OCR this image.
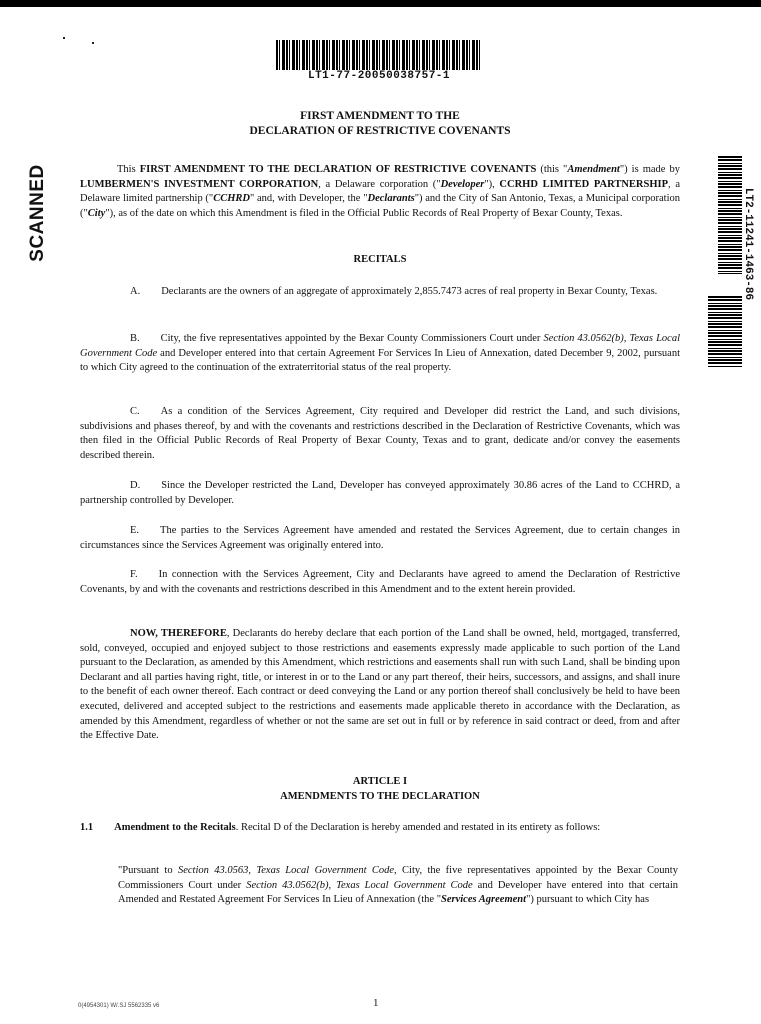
LT1-77-20050038757-1
LT2-11241-1463-86
SCANNED
FIRST AMENDMENT TO THE
DECLARATION OF RESTRICTIVE COVENANTS
This FIRST AMENDMENT TO THE DECLARATION OF RESTRICTIVE COVENANTS (this "Amendment") is made by LUMBERMEN'S INVESTMENT CORPORATION, a Delaware corporation ("Developer"), CCRHD LIMITED PARTNERSHIP, a Delaware limited partnership ("CCHRD" and, with Developer, the "Declarants") and the City of San Antonio, Texas, a Municipal corporation ("City"), as of the date on which this Amendment is filed in the Official Public Records of Real Property of Bexar County, Texas.
RECITALS
A.   Declarants are the owners of an aggregate of approximately 2,855.7473 acres of real property in Bexar County, Texas.
B.   City, the five representatives appointed by the Bexar County Commissioners Court under Section 43.0562(b), Texas Local Government Code and Developer entered into that certain Agreement For Services In Lieu of Annexation, dated December 9, 2002, pursuant to which City agreed to the continuation of the extraterritorial status of the real property.
C.   As a condition of the Services Agreement, City required and Developer did restrict the Land, and such divisions, subdivisions and phases thereof, by and with the covenants and restrictions described in the Declaration of Restrictive Covenants, which was then filed in the Official Public Records of Real Property of Bexar County, Texas and to grant, dedicate and/or convey the easements described therein.
D.   Since the Developer restricted the Land, Developer has conveyed approximately 30.86 acres of the Land to CCHRD, a partnership controlled by Developer.
E.   The parties to the Services Agreement have amended and restated the Services Agreement, due to certain changes in circumstances since the Services Agreement was originally entered into.
F.   In connection with the Services Agreement, City and Declarants have agreed to amend the Declaration of Restrictive Covenants, by and with the covenants and restrictions described in this Amendment and to the extent herein provided.
NOW, THEREFORE, Declarants do hereby declare that each portion of the Land shall be owned, held, mortgaged, transferred, sold, conveyed, occupied and enjoyed subject to those restrictions and easements expressly made applicable to such portion of the Land pursuant to the Declaration, as amended by this Amendment, which restrictions and easements shall run with such Land, shall be binding upon Declarant and all parties having right, title, or interest in or to the Land or any part thereof, their heirs, successors, and assigns, and shall inure to the benefit of each owner thereof. Each contract or deed conveying the Land or any portion thereof shall conclusively be held to have been executed, delivered and accepted subject to the restrictions and easements made applicable thereto in accordance with the Declaration, as amended by this Amendment, regardless of whether or not the same are set out in full or by reference in said contract or deed, from and after the Effective Date.
ARTICLE I
AMENDMENTS TO THE DECLARATION
1.1   Amendment to the Recitals. Recital D of the Declaration is hereby amended and restated in its entirety as follows:
"Pursuant to Section 43.0563, Texas Local Government Code, City, the five representatives appointed by the Bexar County Commissioners Court under Section 43.0562(b), Texas Local Government Code and Developer have entered into that certain Amended and Restated Agreement For Services In Lieu of Annexation (the "Services Agreement") pursuant to which City has
0(4954301) W/.SJ 5562335 v6	1
